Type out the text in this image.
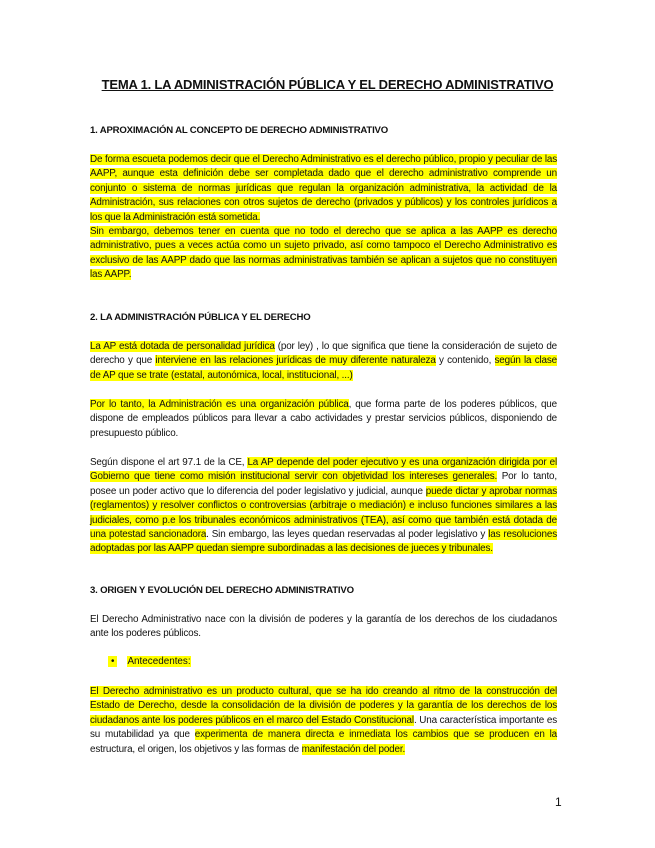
TEMA 1. LA ADMINISTRACIÓN PÚBLICA Y EL DERECHO ADMINISTRATIVO
1. APROXIMACIÓN AL CONCEPTO DE DERECHO ADMINISTRATIVO
De forma escueta podemos decir que el Derecho Administrativo es el derecho público, propio y peculiar de las AAPP, aunque esta definición debe ser completada dado que el derecho administrativo comprende un conjunto o sistema de normas jurídicas que regulan la organización administrativa, la actividad de la Administración, sus relaciones con otros sujetos de derecho (privados y públicos) y los controles jurídicos a los que la Administración está sometida.
Sin embargo, debemos tener en cuenta que no todo el derecho que se aplica a las AAPP es derecho administrativo, pues a veces actúa como un sujeto privado, así como tampoco el Derecho Administrativo es exclusivo de las AAPP dado que las normas administrativas también se aplican a sujetos que no constituyen las AAPP.
2. LA ADMINISTRACIÓN PÚBLICA Y EL DERECHO
La AP está dotada de personalidad jurídica (por ley) , lo que significa que tiene la consideración de sujeto de derecho y que interviene en las relaciones jurídicas de muy diferente naturaleza y contenido, según la clase de AP que se trate (estatal, autonómica, local, institucional, ...)
Por lo tanto, la Administración es una organización pública, que forma parte de los poderes públicos, que dispone de empleados públicos para llevar a cabo actividades y prestar servicios públicos, disponiendo de presupuesto público.
Según dispone el art 97.1 de la CE, La AP depende del poder ejecutivo y es una organización dirigida por el Gobierno que tiene como misión institucional servir con objetividad los intereses generales. Por lo tanto, posee un poder activo que lo diferencia del poder legislativo y judicial, aunque puede dictar y aprobar normas (reglamentos) y resolver conflictos o controversias (arbitraje o mediación) e incluso funciones similares a las judiciales, como p.e los tribunales económicos administrativos (TEA), así como que también está dotada de una potestad sancionadora. Sin embargo, las leyes quedan reservadas al poder legislativo y las resoluciones adoptadas por las AAPP quedan siempre subordinadas a las decisiones de jueces y tribunales.
3. ORIGEN Y EVOLUCIÓN DEL DERECHO ADMINISTRATIVO
El Derecho Administrativo nace con la división de poderes y la garantía de los derechos de los ciudadanos ante los poderes públicos.
• Antecedentes:
El Derecho administrativo es un producto cultural, que se ha ido creando al ritmo de la construcción del Estado de Derecho, desde la consolidación de la división de poderes y la garantía de los derechos de los ciudadanos ante los poderes públicos en el marco del Estado Constitucional. Una característica importante es su mutabilidad ya que experimenta de manera directa e inmediata los cambios que se producen en la estructura, el origen, los objetivos y las formas de manifestación del poder.
1
